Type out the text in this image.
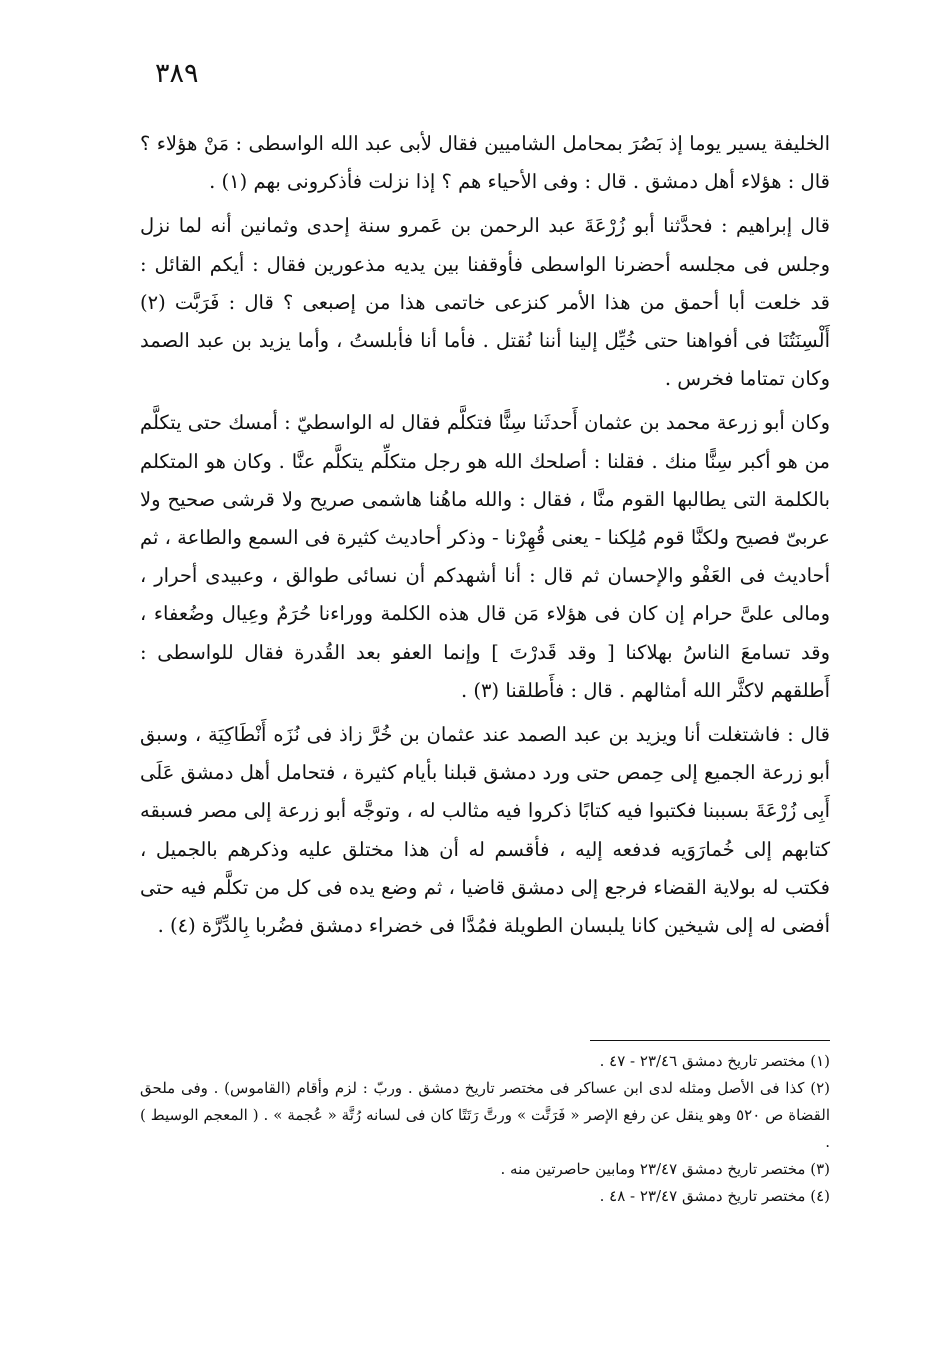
٣٨٩

الخليفة يسير يوما إذ بَصُرَ بمحامل الشاميين فقال لأبى عبد الله الواسطى : مَنْ هؤلاء ؟ قال : هؤلاء أهل دمشق . قال : وفى الأحياء هم ؟ إذا نزلت فأذكرونى بهم (١) .

قال إبراهيم : فحدَّثنا أبو زُرْعَةَ عبد الرحمن بن عَمرو سنة إحدى وثمانين أنه لما نزل وجلس فى مجلسه أحضرنا الواسطى فأوقفنا بين يديه مذعورين فقال : أيكم القائل : قد خلعت أبا أحمق من هذا الأمر كنزعى خاتمى هذا من إصبعى ؟ قال : فَرَبَّت (٢) أَلْسِنَتُنَا فى أفواهنا حتى خُيِّل إلينا أننا نُقتل . فأما أنا فأبلستُ ، وأما يزيد بن عبد الصمد وكان تمتاما فخرس .

وكان أبو زرعة محمد بن عثمان أَحدثَنا سِنًّا فتكلَّم فقال له الواسطيّ : أمسك حتى يتكلَّم من هو أكبر سِنًّا منك . فقلنا : أصلحك الله هو رجل متكلِّم يتكلَّم عنَّا . وكان هو المتكلم بالكلمة التى يطالبها القوم منَّا ، فقال : والله ماهُنا هاشمى صريح ولا قرشى صحيح ولا عربىّ فصيح ولكنَّا قوم مُلِكنا - يعنى قُهِرْنا - وذكر أحاديث كثيرة فى السمع والطاعة ، ثم أحاديث فى العَفْو والإحسان ثم قال : أنا أشهدكم أن نسائى طوالق ، وعبيدى أحرار ، ومالى علىَّ حرام إن كان فى هؤلاء مَن قال هذه الكلمة ووراءنا حُرَمٌ وعِيال وضُعفاء ، وقد تسامعَ الناسُ بهلاكنا [ وقد قَدرْتَ ] وإنما العفو بعد القُدرة فقال للواسطى : أَطلقهم لاكثَّر الله أمثالهم . قال : فأَطلقنا (٣) .

قال : فاشتغلت أنا ويزيد بن عبد الصمد عند عثمان بن خُرَّ زاذ فى نُزَه أَنْطَاكِيَة ، وسبق أبو زرعة الجميع إلى حِمص حتى ورد دمشق قبلنا بأيام كثيرة ، فتحامل أهل دمشق عَلَى أَبِى زُرْعَةَ بسببنا فكتبوا فيه كتابًا ذكروا فيه مثالب له ، وتوجَّه أبو زرعة إلى مصر فسبقه كتابهم إلى خُمارَوَيه فدفعه إليه ، فأقسم له أن هذا مختلق عليه وذكرهم بالجميل ، فكتب له بولاية القضاء فرجع إلى دمشق قاضيا ، ثم وضع يده فى كل من تكلَّم فيه حتى أفضى له إلى شيخين كانا يلبسان الطويلة فمُدَّا فى خضراء دمشق فضُربا بِالدِّرَّة (٤) .

(١) مختصر تاريخ دمشق ٢٣/٤٦ - ٤٧ .

(٢) كذا فى الأصل ومثله لدى ابن عساكر فى مختصر تاريخ دمشق . وربّ : لزم وأقام (القاموس) . وفى ملحق القضاة ص ٥٢٠ وهو ينقل عن رفع الإصر « فَرَتَّت » ورتَّ رَتَتًا كان فى لسانه رُتَّة « عُجمة » . ( المعجم الوسيط ) .

(٣) مختصر تاريخ دمشق ٢٣/٤٧ ومابين حاصرتين منه .

(٤) مختصر تاريخ دمشق ٢٣/٤٧ - ٤٨ .
